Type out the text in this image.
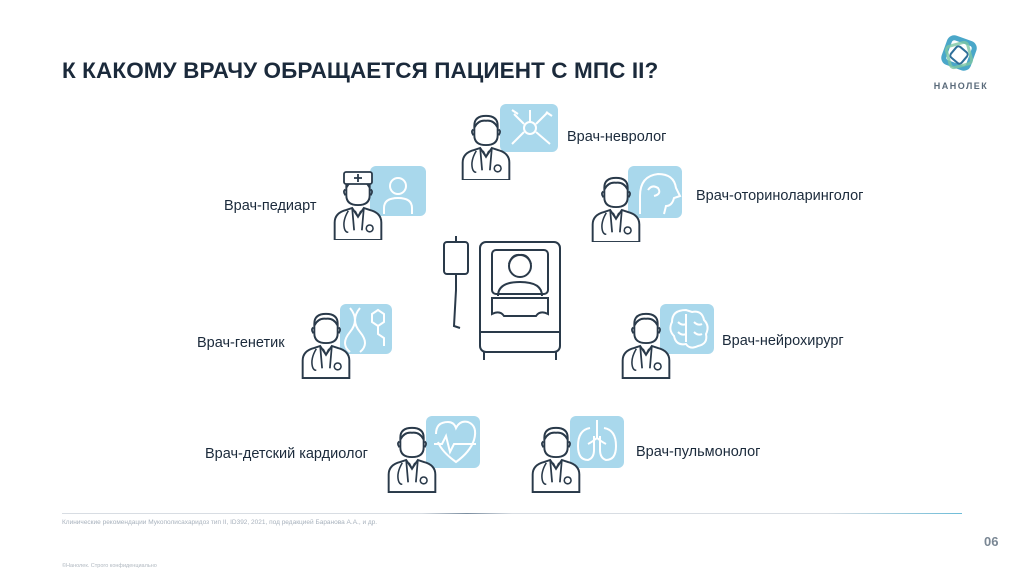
К КАКОМУ ВРАЧУ ОБРАЩАЕТСЯ ПАЦИЕНТ С МПС II?
НАНОЛЕК
Врач-невролог
Врач-педиарт
Врач-оториноларинголог
Врач-генетик	Врач-нейрохирург
Врач-детский кардиолог	Врач-пульмонолог
Клинические рекомендации Мукополисахаридоз тип II, ID392, 2021, под редакцией Баранова А.А., и др.
06
©Нанолек. Строго конфиденциально
